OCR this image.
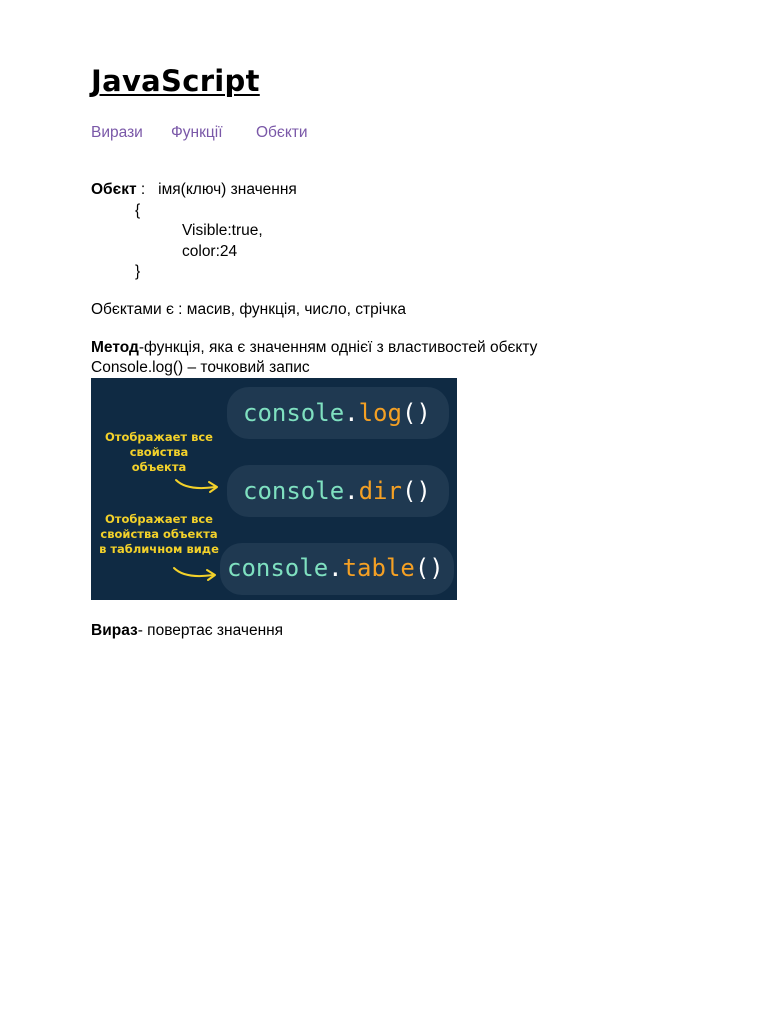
JavaScript
Вирази Функції Обєкти
Обєкт : імя(ключ) значення
{
Visible:true,
color:24
}
Обєктами є : масив, функція, число, стрічка
Метод-функція, яка є значенням однієї з властивостей обєкту
Console.log() – точковий запис
console.log()
console.dir()
console.table()
Отображает все
свойства
объекта
Отображает все
свойства объекта
в табличном виде
Вираз- повертає значення
